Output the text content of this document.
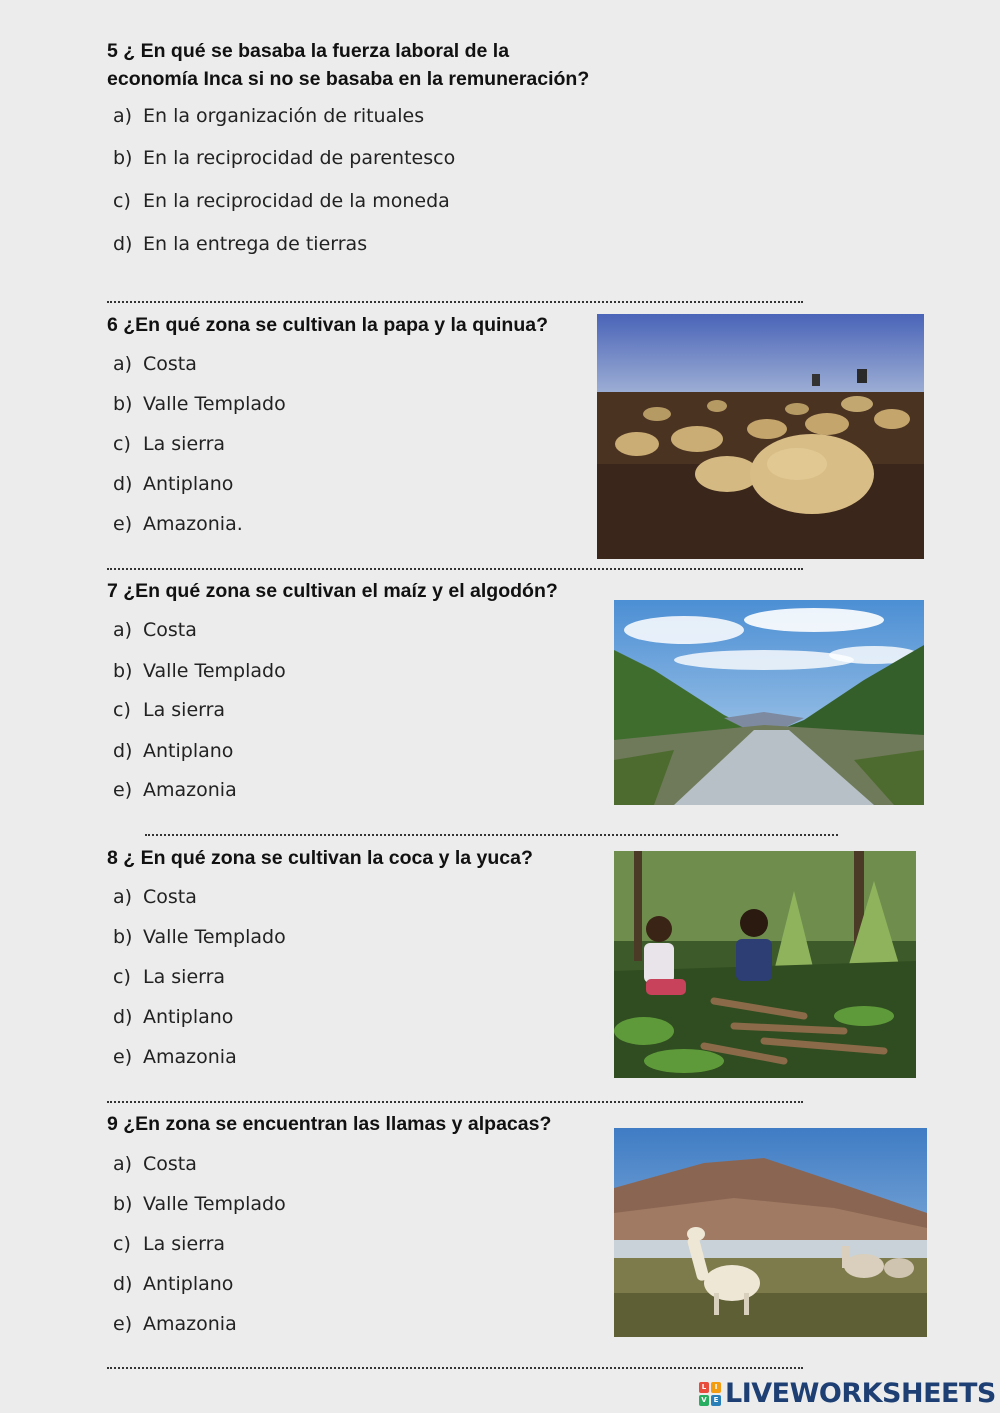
5 ¿ En qué se basaba la fuerza laboral de la
economía Inca si no se basaba en la remuneración?
a) En la organización de rituales
b) En la reciprocidad de parentesco
c) En la reciprocidad de la moneda
d) En la entrega de tierras
6 ¿En qué zona se cultivan la papa y la quinua?
a) Costa
b) Valle Templado
c) La sierra
d) Antiplano
e) Amazonia.
7 ¿En qué zona se cultivan el maíz y el algodón?
a) Costa
b) Valle Templado
c) La sierra
d) Antiplano
e) Amazonia
8 ¿ En qué zona se cultivan la coca y la yuca?
a) Costa
b) Valle Templado
c) La sierra
d) Antiplano
e) Amazonia
9 ¿En zona se encuentran las llamas y alpacas?
a) Costa
b) Valle Templado
c) La sierra
d) Antiplano
e) Amazonia
L	I
V E LIVEWORKSHEETS
